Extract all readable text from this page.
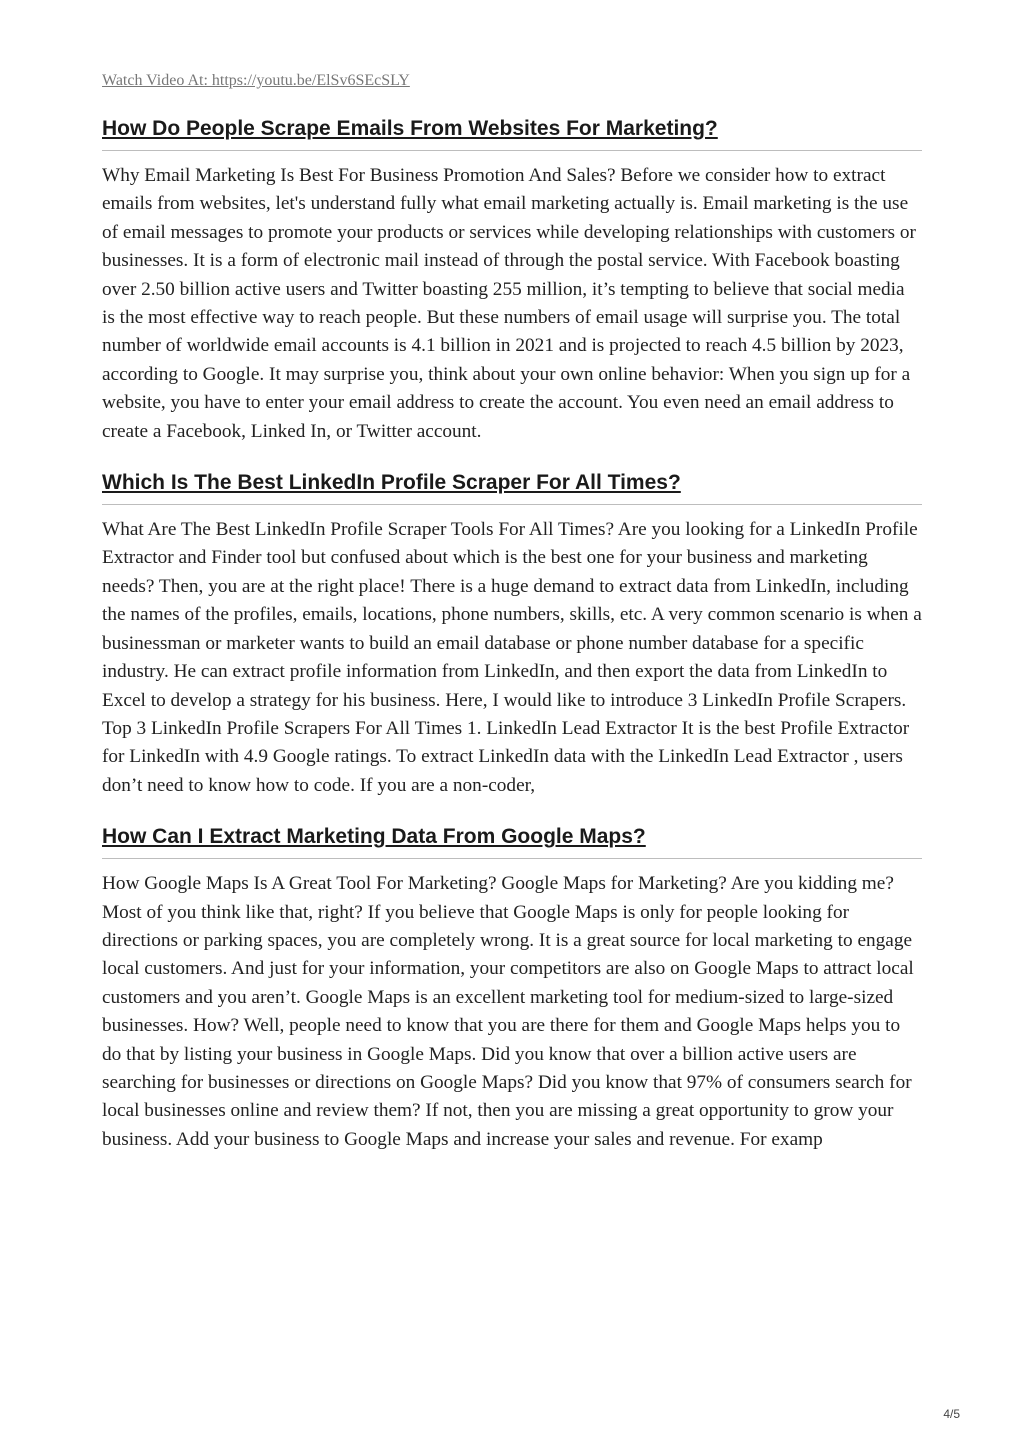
Watch Video At: https://youtu.be/ElSv6SEcSLY
How Do People Scrape Emails From Websites For Marketing?

Why Email Marketing Is Best For Business Promotion And Sales? Before we consider how to extract emails from websites, let's understand fully what email marketing actually is. Email marketing is the use of email messages to promote your products or services while developing relationships with customers or businesses. It is a form of electronic mail instead of through the postal service. With Facebook boasting over 2.50 billion active users and Twitter boasting 255 million, it’s tempting to believe that social media is the most effective way to reach people. But these numbers of email usage will surprise you. The total number of worldwide email accounts is 4.1 billion in 2021 and is projected to reach 4.5 billion by 2023, according to Google. It may surprise you, think about your own online behavior: When you sign up for a website, you have to enter your email address to create the account. You even need an email address to create a Facebook, Linked In, or Twitter account.

Which Is The Best LinkedIn Profile Scraper For All Times?

What Are The Best LinkedIn Profile Scraper Tools For All Times? Are you looking for a LinkedIn Profile Extractor and Finder tool but confused about which is the best one for your business and marketing needs? Then, you are at the right place! There is a huge demand to extract data from LinkedIn, including the names of the profiles, emails, locations, phone numbers, skills, etc. A very common scenario is when a businessman or marketer wants to build an email database or phone number database for a specific industry. He can extract profile information from LinkedIn, and then export the data from LinkedIn to Excel to develop a strategy for his business. Here, I would like to introduce 3 LinkedIn Profile Scrapers. Top 3 LinkedIn Profile Scrapers For All Times 1. LinkedIn Lead Extractor It is the best Profile Extractor for LinkedIn with 4.9 Google ratings. To extract LinkedIn data with the LinkedIn Lead Extractor , users don’t need to know how to code. If you are a non-coder,

How Can I Extract Marketing Data From Google Maps?

How Google Maps Is A Great Tool For Marketing? Google Maps for Marketing? Are you kidding me? Most of you think like that, right? If you believe that Google Maps is only for people looking for directions or parking spaces, you are completely wrong. It is a great source for local marketing to engage local customers. And just for your information, your competitors are also on Google Maps to attract local customers and you aren’t. Google Maps is an excellent marketing tool for medium-sized to large-sized businesses. How? Well, people need to know that you are there for them and Google Maps helps you to do that by listing your business in Google Maps. Did you know that over a billion active users are searching for businesses or directions on Google Maps? Did you know that 97% of consumers search for local businesses online and review them? If not, then you are missing a great opportunity to grow your business. Add your business to Google Maps and increase your sales and revenue. For examp

4/5
